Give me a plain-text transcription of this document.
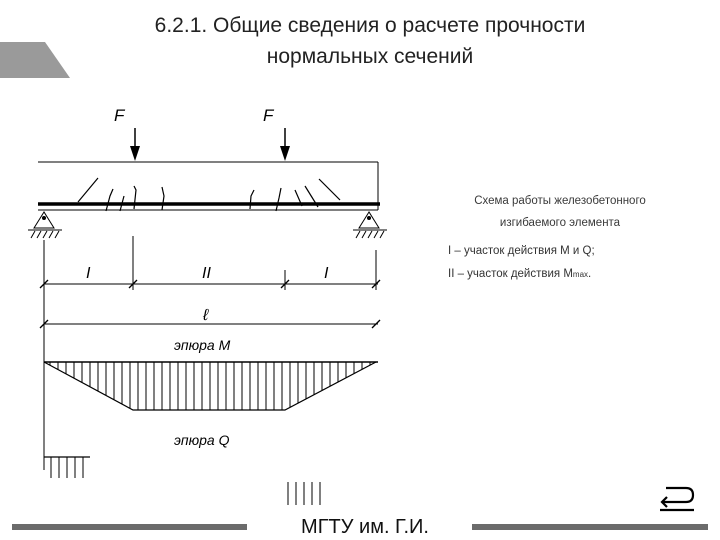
6.2.1. Общие сведения о расчете прочности
нормальных сечений
F	F
I	II	I
ℓ
эпюра M
эпюра Q
Схема работы железобетонного
изгибаемого элемента
I – участок действия M и Q;
II – участок действия Mmax.
МГТУ им. Г.И.
